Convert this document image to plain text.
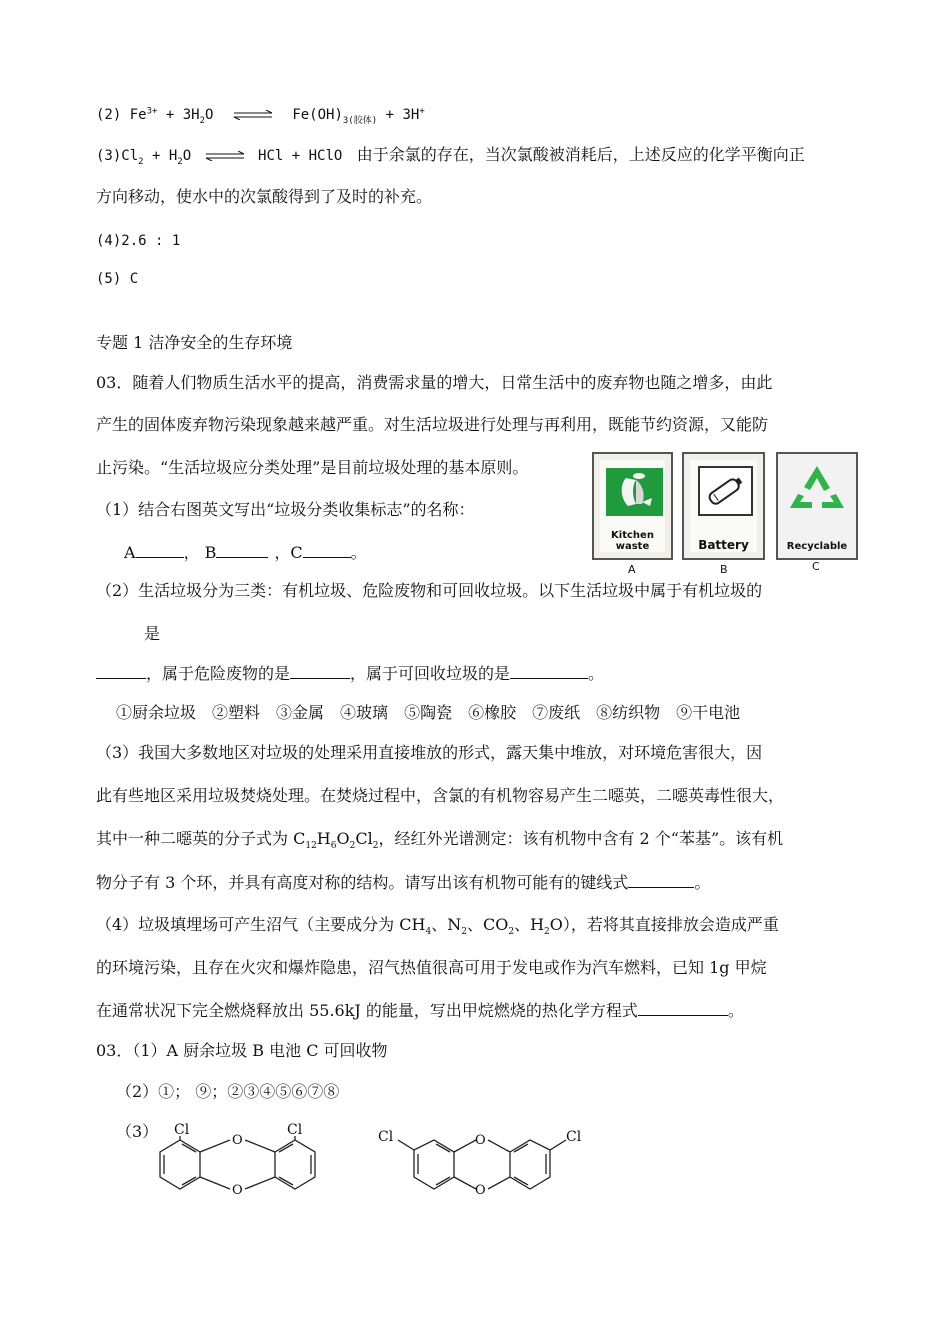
(2) $Fe^{3+} + 3H_2O$ ⇌ $Fe(OH)_{3(胶体)} + 3H^+$
$(3)Cl_2 + H_2O$ ⇌ HCl + HClO 由于余氯的存在，当次氯酸被消耗后，上述反应的化学平衡向正
方向移动，使水中的次氯酸得到了及时的补充。
(4)2.6 : 1
(5) C
专题 1 洁净安全的生存环境
03．随着人们物质生活水平的提高，消费需求量的增大，日常生活中的废弃物也随之增多，由此
产生的固体废弃物污染现象越来越严重。对生活垃圾进行处理与再利用，既能节约资源，又能防
止污染。“生活垃圾应分类处理”是目前垃圾处理的基本原则。
Kitchen waste
A
Battery
B
Recyclable
C
（1）结合右图英文写出“垃圾分类收集标志”的名称：
A	， B	，C	。
（2）生活垃圾分为三类：有机垃圾、危险废物和可回收垃圾。以下生活垃圾中属于有机垃圾的
是
，属于危险废物的是	，属于可回收垃圾的是	。
①厨余垃圾 ②塑料 ③金属 ④玻璃 ⑤陶瓷 ⑥橡胶 ⑦废纸 ⑧纺织物 ⑨干电池
（3）我国大多数地区对垃圾的处理采用直接堆放的形式，露天集中堆放，对环境危害很大，因
此有些地区采用垃圾焚烧处理。在焚烧过程中，含氯的有机物容易产生二噁英，二噁英毒性很大，
其中一种二噁英的分子式为 $C_{12}H_6O_2Cl_2$，经红外光谱测定：该有机物中含有 2 个“苯基”。该有机
物分子有 3 个环，并具有高度对称的结构。请写出该有机物可能有的键线式	。
（4）垃圾填埋场可产生沼气（主要成分为 $CH_4$、$N_2$、$CO_2$、$H_2O$），若将其直接排放会造成严重
的环境污染，且存在火灾和爆炸隐患，沼气热值很高可用于发电或作为汽车燃料，已知 1g 甲烷
在通常状况下完全燃烧释放出 55.6kJ 的能量，写出甲烷燃烧的热化学方程式	。
03．（1）A 厨余垃圾 B 电池 C 可回收物
（2）①； ⑨；②③④⑤⑥⑦⑧
（3） Cl	Cl
O
O
Cl	Cl
O
O
